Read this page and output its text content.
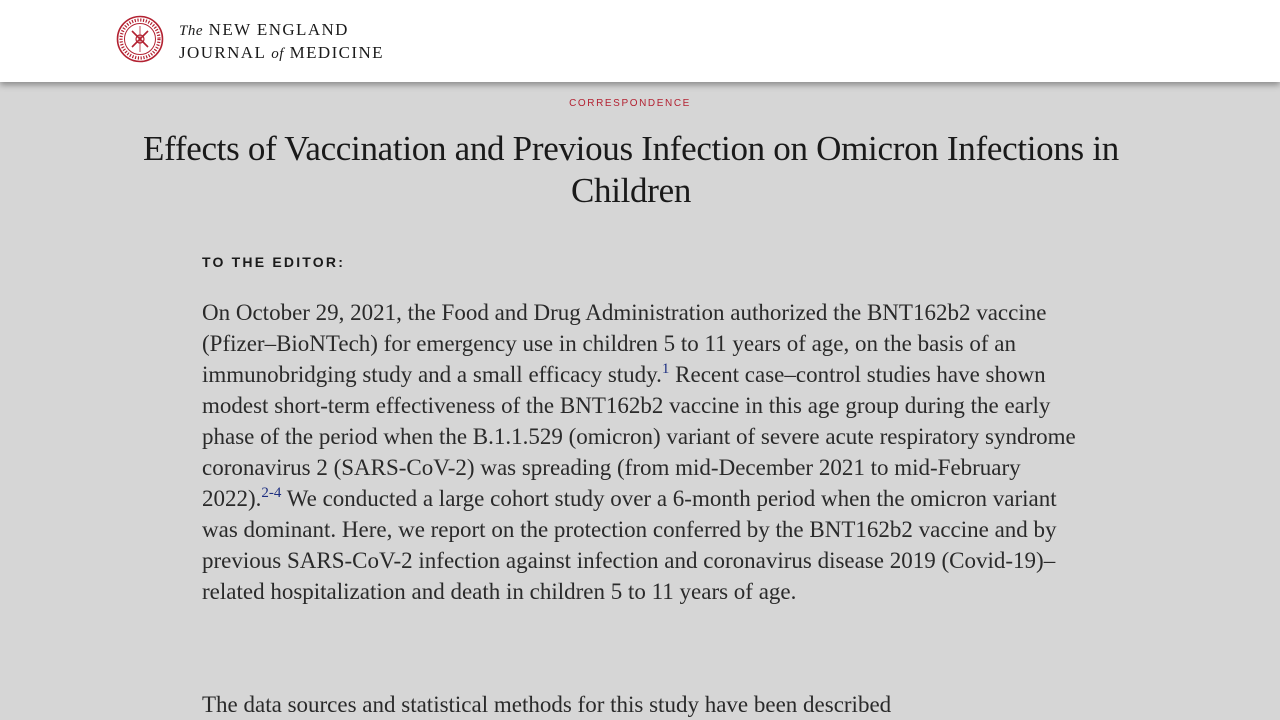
The NEW ENGLAND
JOURNAL of MEDICINE
CORRESPONDENCE
Effects of Vaccination and Previous Infection on Omicron Infections in Children
TO THE EDITOR:

On October 29, 2021, the Food and Drug Administration authorized the BNT162b2 vaccine (Pfizer–BioNTech) for emergency use in children 5 to 11 years of age, on the basis of an immunobridging study and a small efficacy study.$^1$ Recent case–control studies have shown modest short-term effectiveness of the BNT162b2 vaccine in this age group during the early phase of the period when the B.1.1.529 (omicron) variant of severe acute respiratory syndrome coronavirus 2 (SARS-CoV-2) was spreading (from mid-December 2021 to mid-February 2022).$^{2-4}$ We conducted a large cohort study over a 6-month period when the omicron variant was dominant. Here, we report on the protection conferred by the BNT162b2 vaccine and by previous SARS-CoV-2 infection against infection and coronavirus disease 2019 (Covid-19)–related hospitalization and death in children 5 to 11 years of age.

The data sources and statistical methods for this study have been described
